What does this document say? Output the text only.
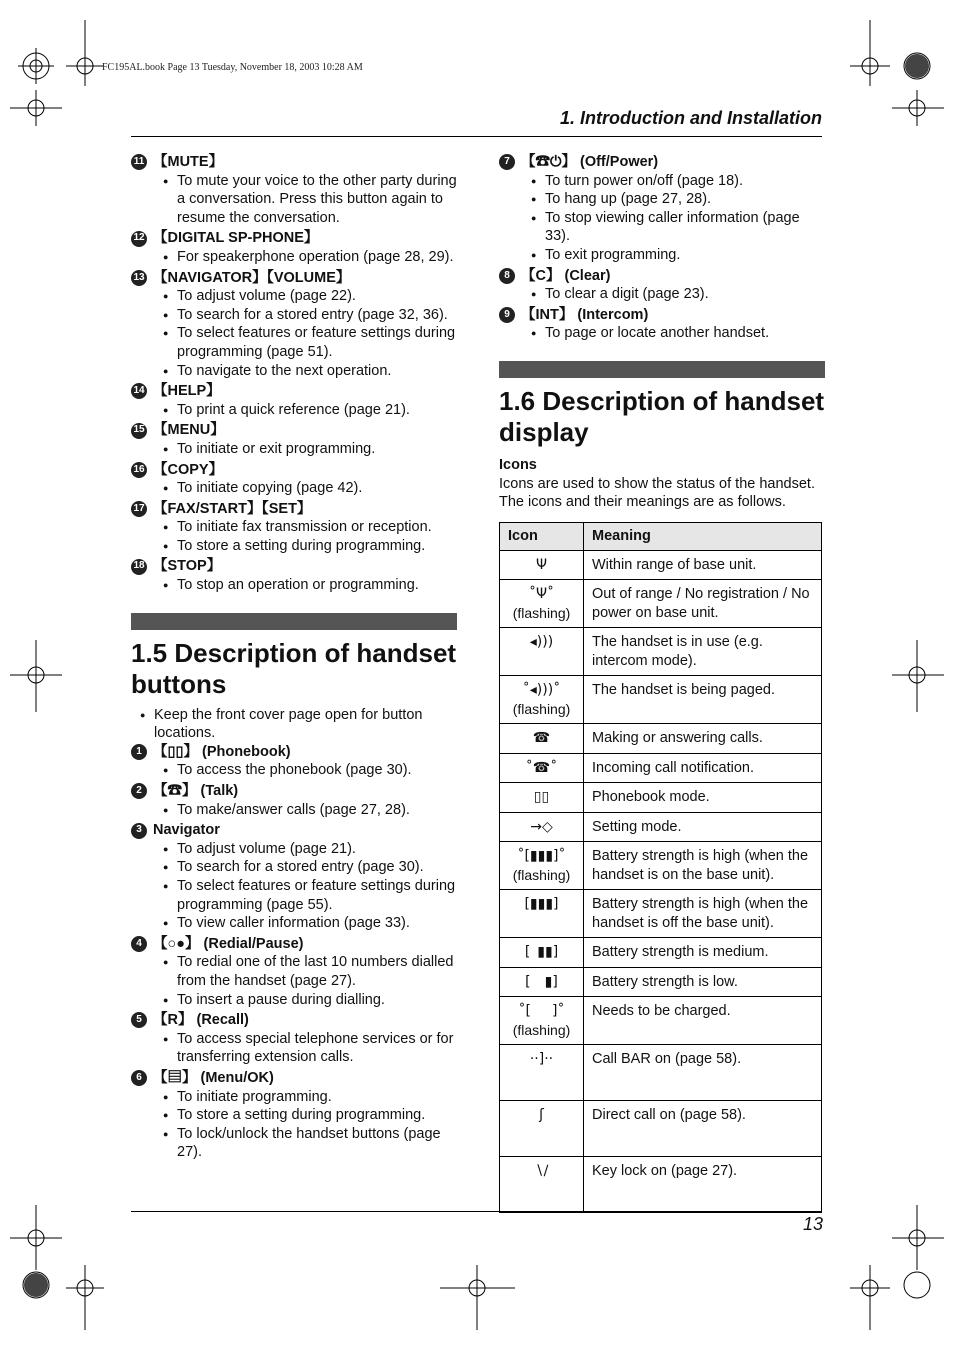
FC195AL.book Page 13 Tuesday, November 18, 2003 10:28 AM
1. Introduction and Installation
11 【MUTE】
● To mute your voice to the other party during a conversation. Press this button again to resume the conversation.
12 【DIGITAL SP-PHONE】
● For speakerphone operation (page 28, 29).
13 【NAVIGATOR】【VOLUME】
● To adjust volume (page 22).
● To search for a stored entry (page 32, 36).
● To select features or feature settings during programming (page 51).
● To navigate to the next operation.
14 【HELP】
● To print a quick reference (page 21).
15 【MENU】
● To initiate or exit programming.
16 【COPY】
● To initiate copying (page 42).
17 【FAX/START】【SET】
● To initiate fax transmission or reception.
● To store a setting during programming.
18 【STOP】
● To stop an operation or programming.
1.5 Description of handset buttons
● Keep the front cover page open for button locations.
1 【▯▯】 (Phonebook)
● To access the phonebook (page 30).
2 【☎】 (Talk)
● To make/answer calls (page 27, 28).
3 Navigator
● To adjust volume (page 21).
● To search for a stored entry (page 30).
● To select features or feature settings during programming (page 55).
● To view caller information (page 33).
4 【○●】 (Redial/Pause)
● To redial one of the last 10 numbers dialled from the handset (page 27).
● To insert a pause during dialling.
5 【R】 (Recall)
● To access special telephone services or for transferring extension calls.
6 【▤】 (Menu/OK)
● To initiate programming.
● To store a setting during programming.
● To lock/unlock the handset buttons (page 27).
7 【☎⏻】 (Off/Power)
● To turn power on/off (page 18).
● To hang up (page 27, 28).
● To stop viewing caller information (page 33).
● To exit programming.
8 【C】 (Clear)
● To clear a digit (page 23).
9 【INT】 (Intercom)
● To page or locate another handset.
1.6 Description of handset display
Icons
Icons are used to show the status of the handset. The icons and their meanings are as follows.
Icon	Meaning
Ψ	Within range of base unit.
˚Ψ˚
(flashing)	Out of range / No registration / No power on base unit.
◂)))	The handset is in use (e.g. intercom mode).
˚◂)))˚
(flashing)	The handset is being paged.
☎	Making or answering calls.
˚☎˚	Incoming call notification.
▯▯	Phonebook mode.
→◇	Setting mode.
˚[▮▮▮]˚
(flashing)	Battery strength is high (when the handset is on the base unit).
[▮▮▮]	Battery strength is high (when the handset is off the base unit).
[ ▮▮]	Battery strength is medium.
[  ▮]	Battery strength is low.
˚[   ]˚
(flashing)	Needs to be charged.
··]··	Call BAR on (page 58).
ʃ	Direct call on (page 58).
∖∕	Key lock on (page 27).
13
